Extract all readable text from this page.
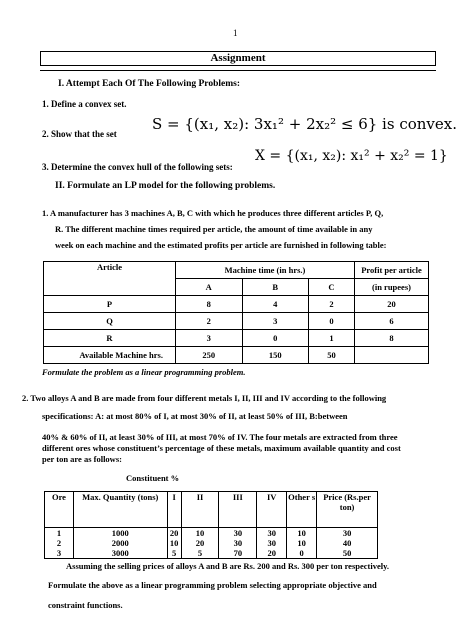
1
Assignment
I. Attempt Each Of The Following Problems:
1. Define a convex set.
2. Show that the set
S = {(x₁, x₂): 3x₁² + 2x₂² ≤ 6} is convex.
3. Determine the convex hull of the following sets:
X = {(x₁, x₂): x₁² + x₂² = 1}
II. Formulate an LP model for the following problems.
1. A manufacturer has 3 machines A, B, C with which he produces three different articles P, Q,
R. The different machine times required per article, the amount of time available in any
week on each machine and the estimated profits per article are furnished in following table:
Article	Machine time (in hrs.)			Profit per article
	A	B	C	(in rupees)
P	8	4	2	20
Q	2	3	0	6
R	3	0	1	8
Available Machine hrs.	250	150	50	
Formulate the problem as a linear programming problem.
2. Two alloys A and B are made from four different metals I, II, III and IV according to the following
specifications: A: at most 80% of I, at most 30% of II, at least 50% of III, B:between
40% & 60% of II, at least 30% of III, at most 70% of IV. The four metals are extracted from three
different ores whose constituent’s percentage of these metals, maximum available quantity and cost
per ton are as follows:
Constituent %
Ore	Max. Quantity (tons)	I	II	III	IV	Other s	Price (Rs.per ton)
1	1000	20	10	30	30	10	30
2	2000	10	20	30	30	10	40
3	3000	5	5	70	20	0	50
Assuming the selling prices of alloys A and B are Rs. 200 and Rs. 300 per ton respectively.
Formulate the above as a linear programming problem selecting appropriate objective and
constraint functions.
